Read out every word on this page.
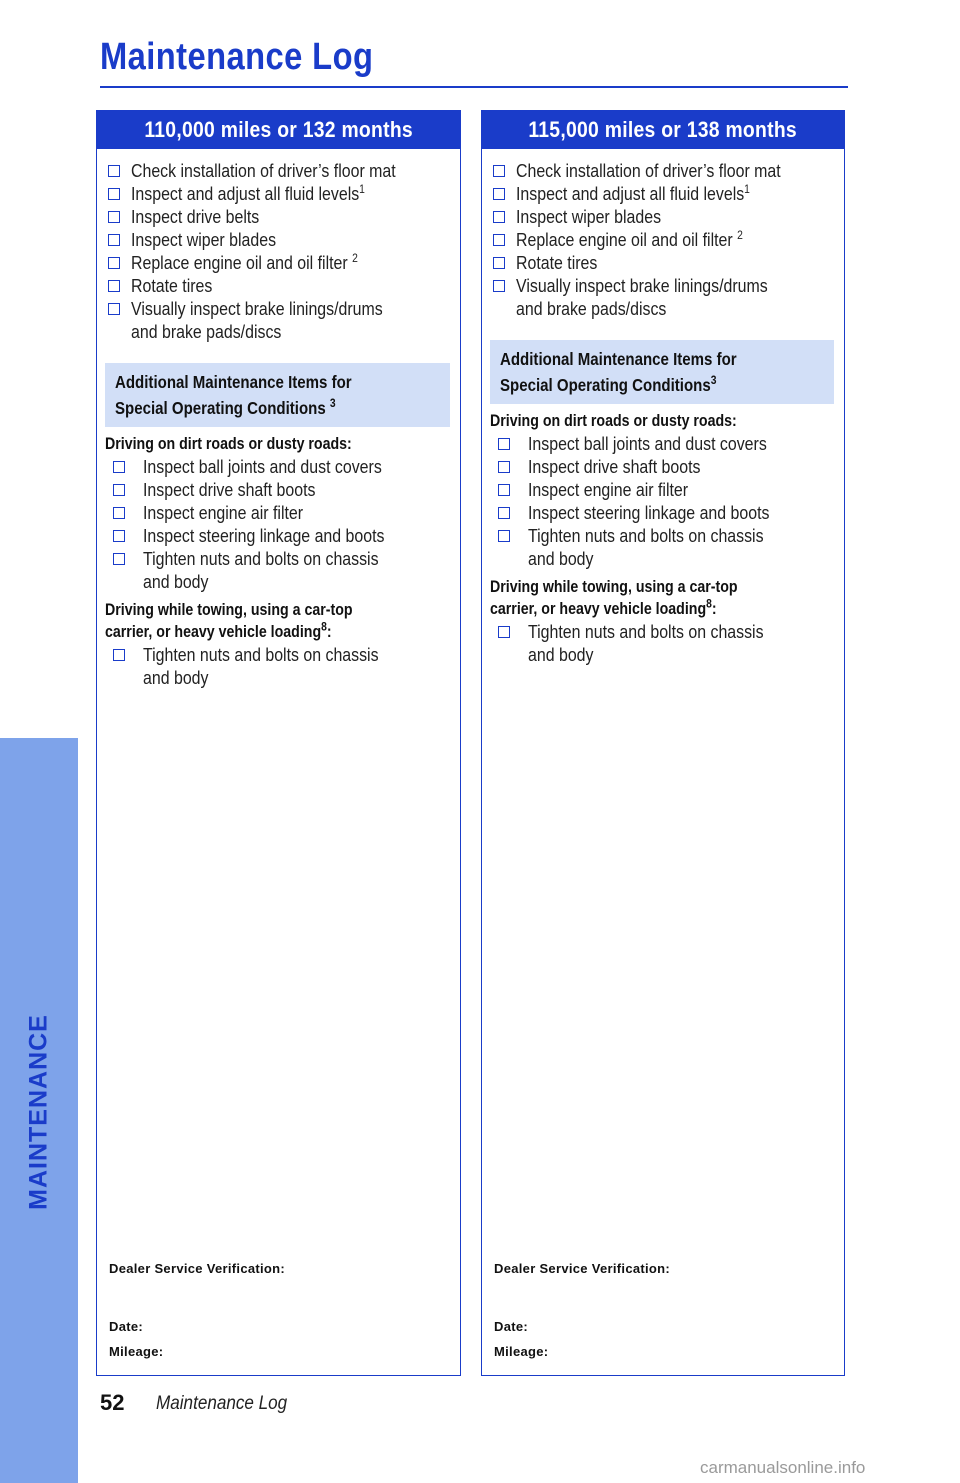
Maintenance Log
MAINTENANCE
110,000 miles or 132 months
Check installation of driver’s floor mat
Inspect and adjust all fluid levels$^1$
Inspect drive belts
Inspect wiper blades
Replace engine oil and oil filter $^2$
Rotate tires
Visually inspect brake linings/drums
and brake pads/discs
Additional Maintenance Items for
Special Operating Conditions $^3$
Driving on dirt roads or dusty roads:
Inspect ball joints and dust covers
Inspect drive shaft boots
Inspect engine air filter
Inspect steering linkage and boots
Tighten nuts and bolts on chassis
and body
Driving while towing, using a car-top
carrier, or heavy vehicle loading$^8$:
Tighten nuts and bolts on chassis
and body
Dealer Service Verification:
Date:
Mileage:
115,000 miles or 138 months
Check installation of driver’s floor mat
Inspect and adjust all fluid levels$^1$
Inspect wiper blades
Replace engine oil and oil filter $^2$
Rotate tires
Visually inspect brake linings/drums
and brake pads/discs
Additional Maintenance Items for
Special Operating Conditions$^3$
Driving on dirt roads or dusty roads:
Inspect ball joints and dust covers
Inspect drive shaft boots
Inspect engine air filter
Inspect steering linkage and boots
Tighten nuts and bolts on chassis
and body
Driving while towing, using a car-top
carrier, or heavy vehicle loading$^8$:
Tighten nuts and bolts on chassis
and body
Dealer Service Verification:
Date:
Mileage:
52 Maintenance Log
carmanualsonline.info
